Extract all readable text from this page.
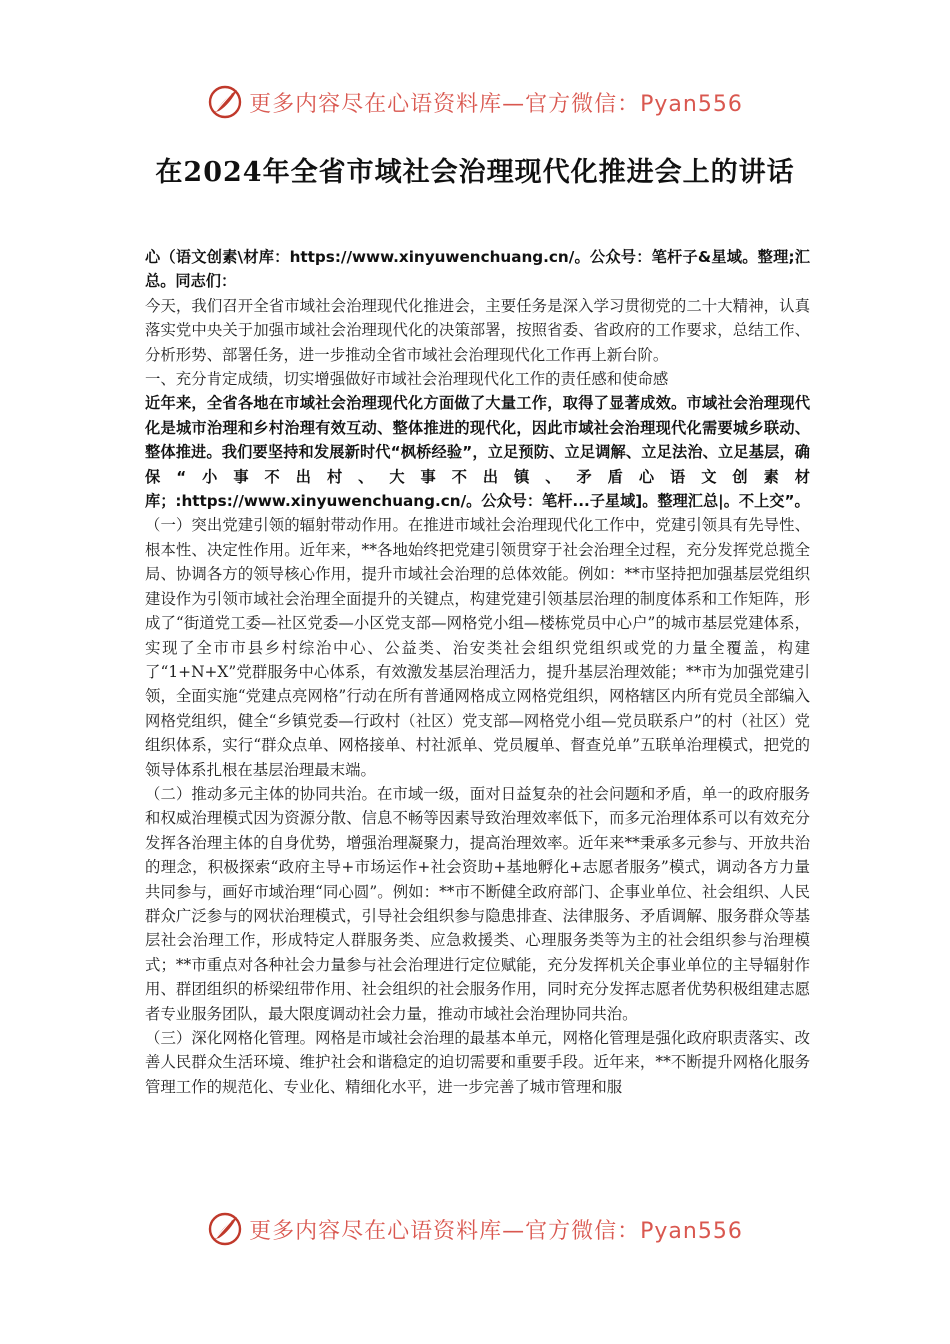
更多内容尽在心语资料库—官方微信：Pyan556
在2024年全省市域社会治理现代化推进会上的讲话

心（语文创素\材库：https://www.xinyuwenchuang.cn/。公众号：笔杆子&星域。整理;汇总。同志们：

今天，我们召开全省市域社会治理现代化推进会，主要任务是深入学习贯彻党的二十大精神，认真落实党中央关于加强市域社会治理现代化的决策部署，按照省委、省政府的工作要求，总结工作、分析形势、部署任务，进一步推动全省市域社会治理现代化工作再上新台阶。

一、充分肯定成绩，切实增强做好市域社会治理现代化工作的责任感和使命感

近年来，全省各地在市域社会治理现代化方面做了大量工作，取得了显著成效。市域社会治理现代化是城市治理和乡村治理有效互动、整体推进的现代化，因此市域社会治理现代化需要城乡联动、整体推进。我们要坚持和发展新时代“枫桥经验”，立足预防、立足调解、立足法治、立足基层，确保“小事不出村、大事不出镇、矛盾心语文创素材库；:https://www.xinyuwenchuang.cn/。公众号：笔杆...子星域]。整理汇总|。不上交”。

（一）突出党建引领的辐射带动作用。在推进市域社会治理现代化工作中，党建引领具有先导性、根本性、决定性作用。近年来，**各地始终把党建引领贯穿于社会治理全过程，充分发挥党总揽全局、协调各方的领导核心作用，提升市域社会治理的总体效能。例如：**市坚持把加强基层党组织建设作为引领市域社会治理全面提升的关键点，构建党建引领基层治理的制度体系和工作矩阵，形成了“街道党工委—社区党委—小区党支部—网格党小组—楼栋党员中心户”的城市基层党建体系，实现了全市市县乡村综治中心、公益类、治安类社会组织党组织或党的力量全覆盖，构建了“1+N+X”党群服务中心体系，有效激发基层治理活力，提升基层治理效能；**市为加强党建引领，全面实施“党建点亮网格”行动在所有普通网格成立网格党组织，网格辖区内所有党员全部编入网格党组织，健全“乡镇党委—行政村（社区）党支部—网格党小组—党员联系户”的村（社区）党组织体系，实行“群众点单、网格接单、村社派单、党员履单、督查兑单”五联单治理模式，把党的领导体系扎根在基层治理最末端。

（二）推动多元主体的协同共治。在市域一级，面对日益复杂的社会问题和矛盾，单一的政府服务和权威治理模式因为资源分散、信息不畅等因素导致治理效率低下，而多元治理体系可以有效充分发挥各治理主体的自身优势，增强治理凝聚力，提高治理效率。近年来**秉承多元参与、开放共治的理念，积极探索“政府主导+市场运作+社会资助+基地孵化+志愿者服务”模式，调动各方力量共同参与，画好市域治理“同心圆”。例如：**市不断健全政府部门、企事业单位、社会组织、人民群众广泛参与的网状治理模式，引导社会组织参与隐患排查、法律服务、矛盾调解、服务群众等基层社会治理工作，形成特定人群服务类、应急救援类、心理服务类等为主的社会组织参与治理模式；**市重点对各种社会力量参与社会治理进行定位赋能，充分发挥机关企事业单位的主导辐射作用、群团组织的桥梁纽带作用、社会组织的社会服务作用，同时充分发挥志愿者优势积极组建志愿者专业服务团队，最大限度调动社会力量，推动市域社会治理协同共治。

（三）深化网格化管理。网格是市域社会治理的最基本单元，网格化管理是强化政府职责落实、改善人民群众生活环境、维护社会和谐稳定的迫切需要和重要手段。近年来，**不断提升网格化服务管理工作的规范化、专业化、精细化水平，进一步完善了城市管理和服

更多内容尽在心语资料库—官方微信：Pyan556
